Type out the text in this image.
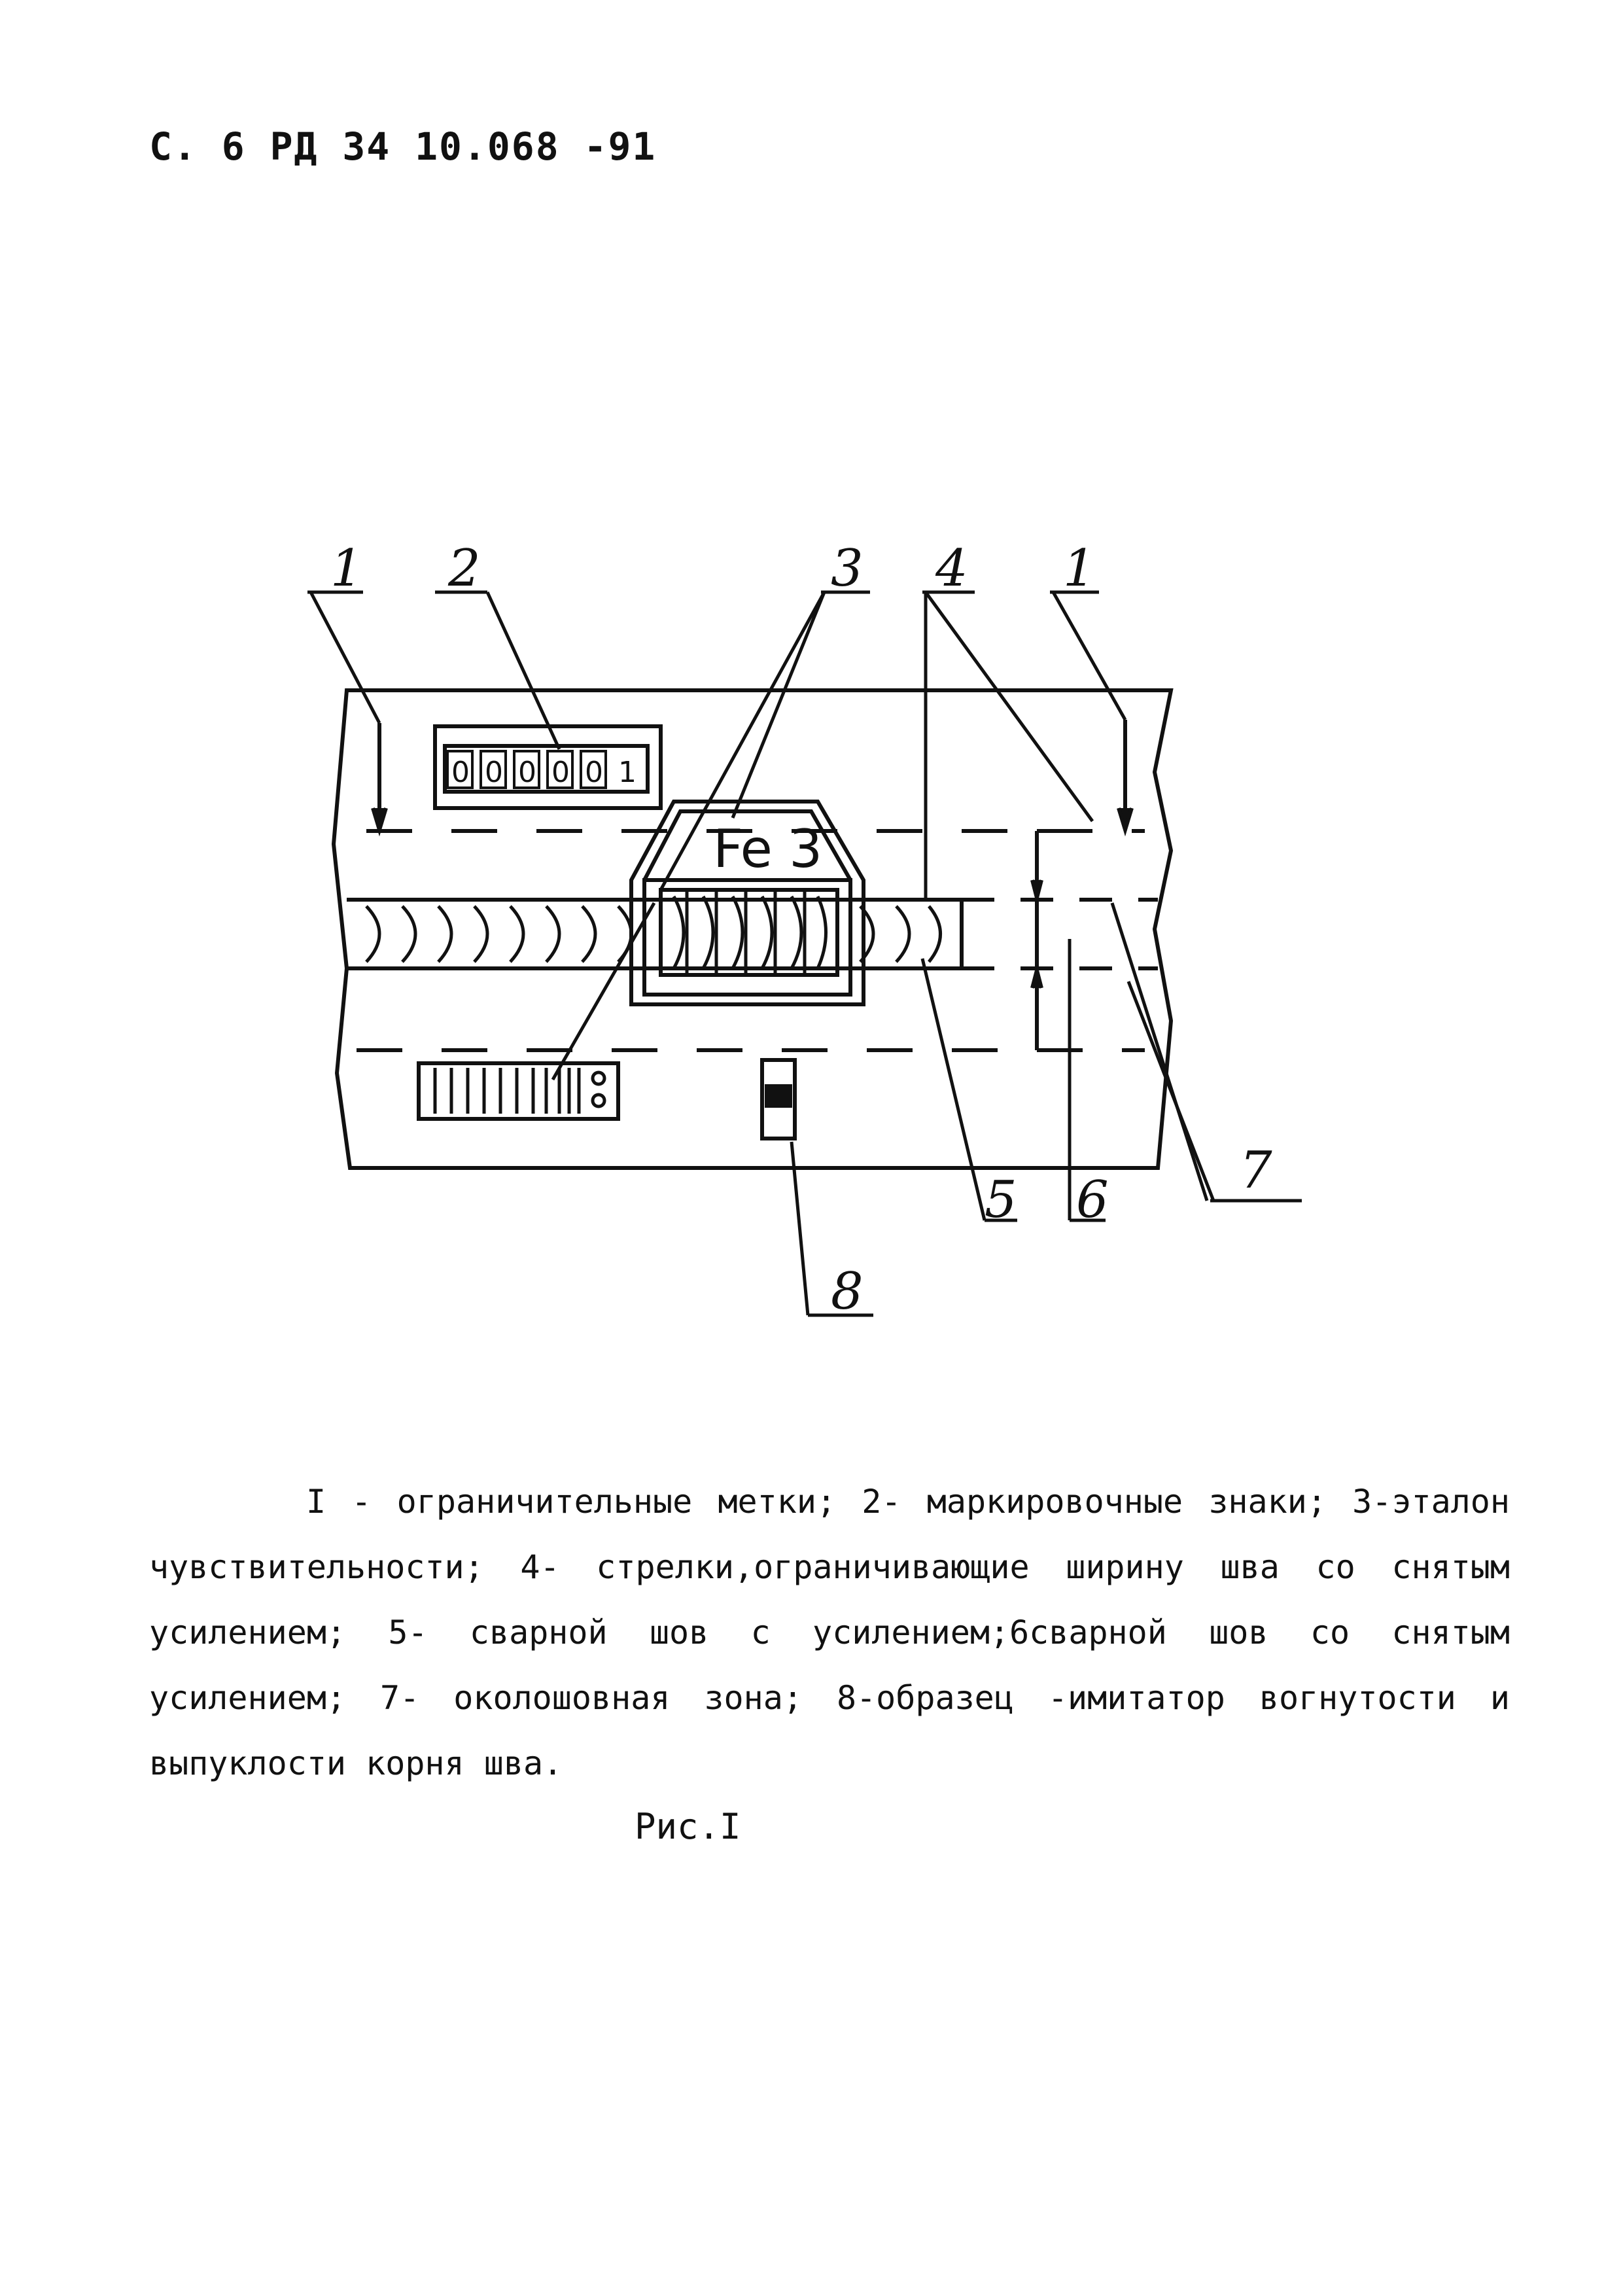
С. 6 РД 34 10.068 -91
0 0 0 0 0 1
Fe 3
1 2	3 4 1
5 6	7
8

I - ограничительные метки; 2- маркировочные знаки; 3-эталон чувствительности; 4- стрелки,ограничивающие ширину шва со снятым усилением; 5- сварной шов с усилением;6сварной шов со снятым усилением; 7- околошовная зона; 8-образец -имитатор вогнутости и выпуклости корня шва.

Рис.I
